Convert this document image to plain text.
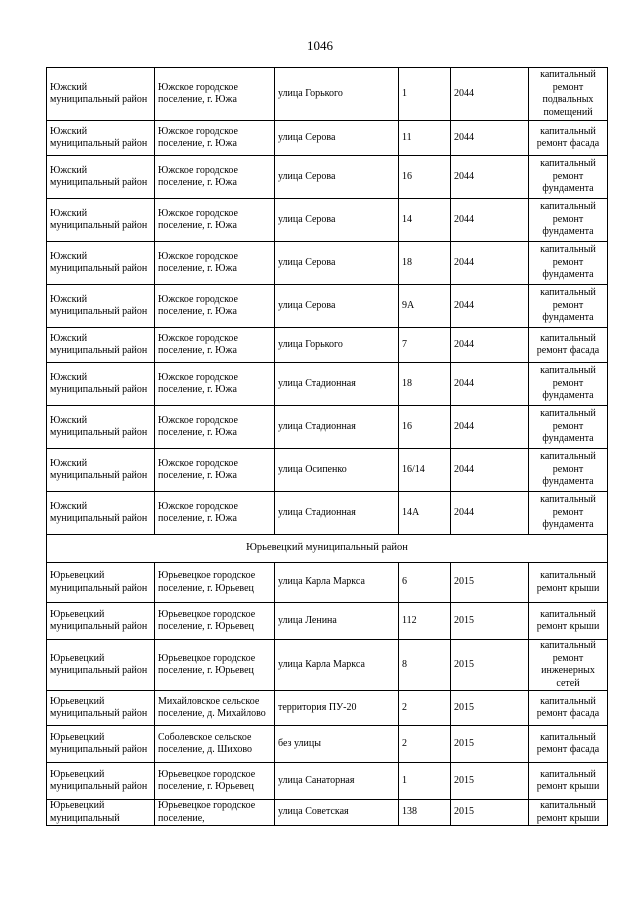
1046
Южский муниципальный район	Южское городское поселение, г. Южа	улица Горького	1	2044	капитальный ремонт подвальных помещений
Южский муниципальный район	Южское городское поселение, г. Южа	улица Серова	11	2044	капитальный ремонт фасада
Южский муниципальный район	Южское городское поселение, г. Южа	улица Серова	16	2044	капитальный ремонт фундамента
Южский муниципальный район	Южское городское поселение, г. Южа	улица Серова	14	2044	капитальный ремонт фундамента
Южский муниципальный район	Южское городское поселение, г. Южа	улица Серова	18	2044	капитальный ремонт фундамента
Южский муниципальный район	Южское городское поселение, г. Южа	улица Серова	9А	2044	капитальный ремонт фундамента
Южский муниципальный район	Южское городское поселение, г. Южа	улица Горького	7	2044	капитальный ремонт фасада
Южский муниципальный район	Южское городское поселение, г. Южа	улица Стадионная	18	2044	капитальный ремонт фундамента
Южский муниципальный район	Южское городское поселение, г. Южа	улица Стадионная	16	2044	капитальный ремонт фундамента
Южский муниципальный район	Южское городское поселение, г. Южа	улица Осипенко	16/14	2044	капитальный ремонт фундамента
Южский муниципальный район	Южское городское поселение, г. Южа	улица Стадионная	14А	2044	капитальный ремонт фундамента
Юрьевецкий муниципальный район					
Юрьевецкий муниципальный район	Юрьевецкое городское поселение, г. Юрьевец	улица Карла Маркса	6	2015	капитальный ремонт крыши
Юрьевецкий муниципальный район	Юрьевецкое городское поселение, г. Юрьевец	улица Ленина	112	2015	капитальный ремонт крыши
Юрьевецкий муниципальный район	Юрьевецкое городское поселение, г. Юрьевец	улица Карла Маркса	8	2015	капитальный ремонт инженерных сетей
Юрьевецкий муниципальный район	Михайловское сельское поселение, д. Михайлово	территория ПУ-20	2	2015	капитальный ремонт фасада
Юрьевецкий муниципальный район	Соболевское сельское поселение, д. Шихово	без улицы	2	2015	капитальный ремонт фасада
Юрьевецкий муниципальный район	Юрьевецкое городское поселение, г. Юрьевец	улица Санаторная	1	2015	капитальный ремонт крыши
Юрьевецкий муниципальный	Юрьевецкое городское поселение,	улица Советская	138	2015	капитальный ремонт крыши
